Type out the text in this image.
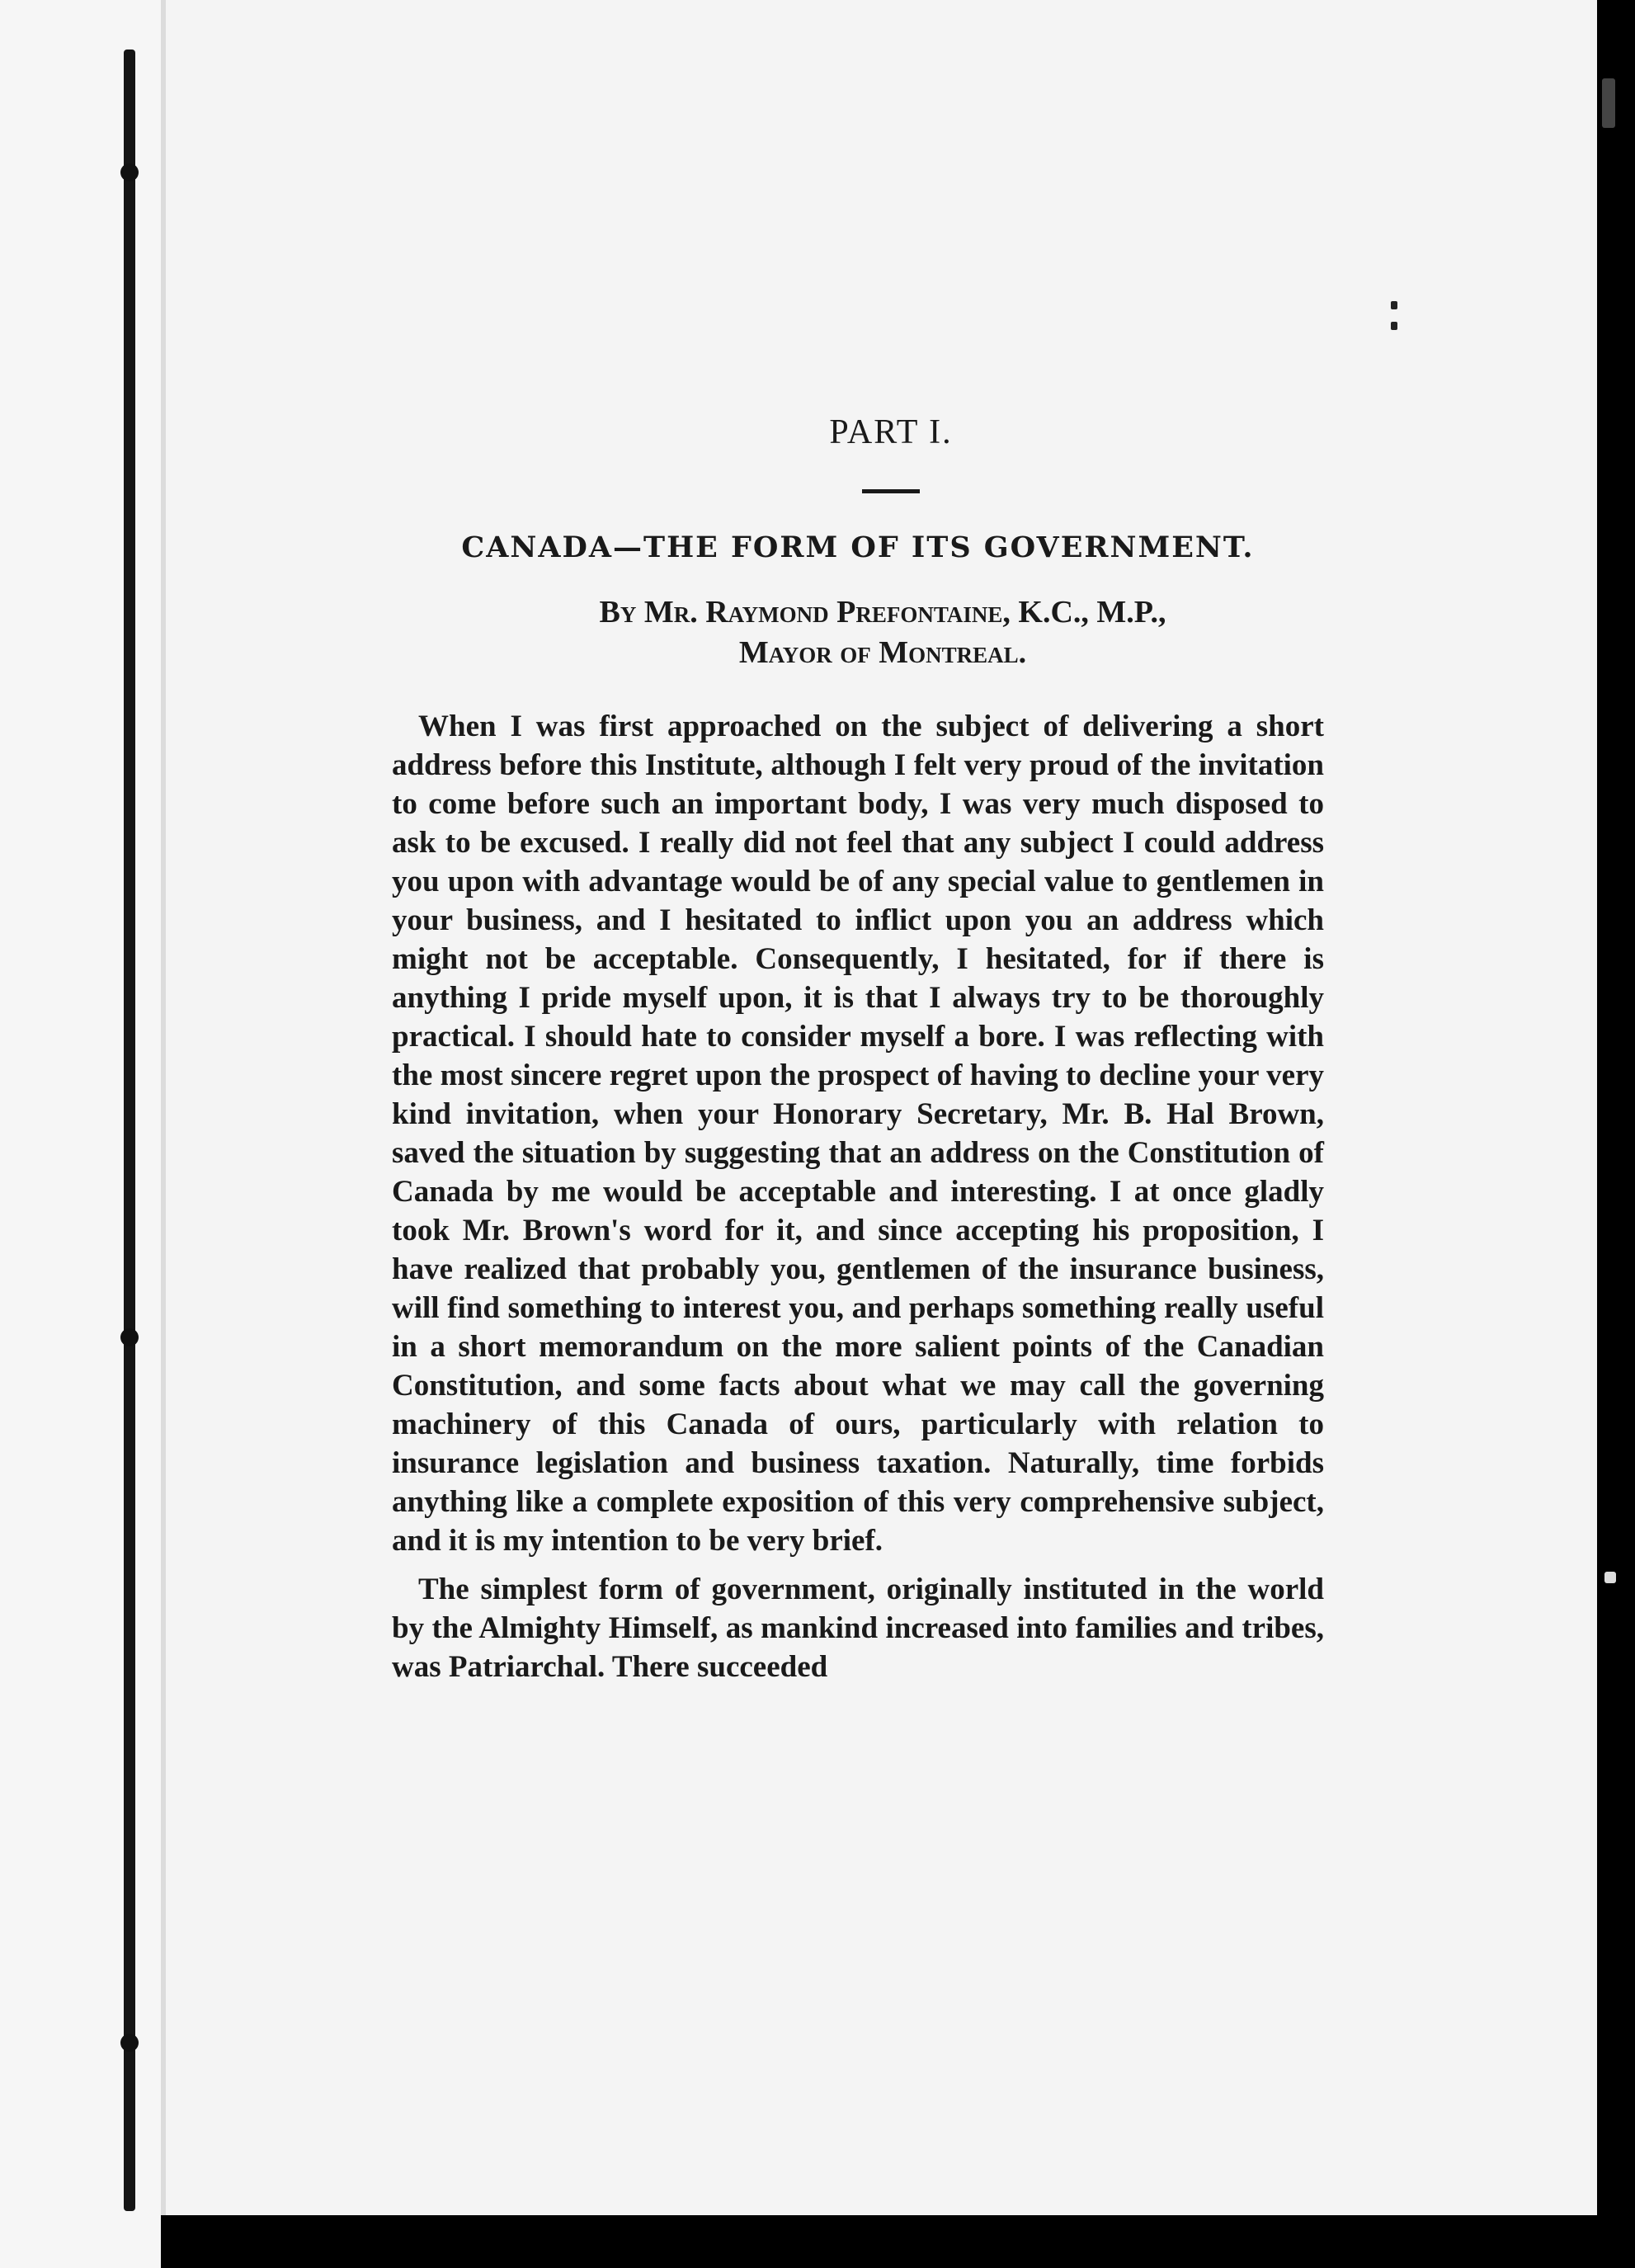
PART I.
CANADA—THE FORM OF ITS GOVERNMENT.
By Mr. Raymond Prefontaine, K.C., M.P.,
Mayor of Montreal.

When I was first approached on the subject of delivering a short address before this Institute, although I felt very proud of the invitation to come before such an important body, I was very much disposed to ask to be excused. I really did not feel that any subject I could address you upon with advantage would be of any special value to gentlemen in your business, and I hesitated to inflict upon you an address which might not be acceptable. Consequently, I hesitated, for if there is anything I pride myself upon, it is that I always try to be thoroughly practical. I should hate to consider myself a bore. I was reflecting with the most sincere regret upon the prospect of having to decline your very kind invitation, when your Honorary Secretary, Mr. B. Hal Brown, saved the situation by suggesting that an address on the Constitution of Canada by me would be acceptable and interesting. I at once gladly took Mr. Brown's word for it, and since accepting his proposition, I have realized that probably you, gentlemen of the insurance business, will find something to interest you, and perhaps something really useful in a short memorandum on the more salient points of the Canadian Constitution, and some facts about what we may call the governing machinery of this Canada of ours, particularly with relation to insurance legislation and business taxation. Naturally, time forbids anything like a complete exposition of this very comprehensive subject, and it is my intention to be very brief.

The simplest form of government, originally instituted in the world by the Almighty Himself, as mankind increased into families and tribes, was Patriarchal. There succeeded
